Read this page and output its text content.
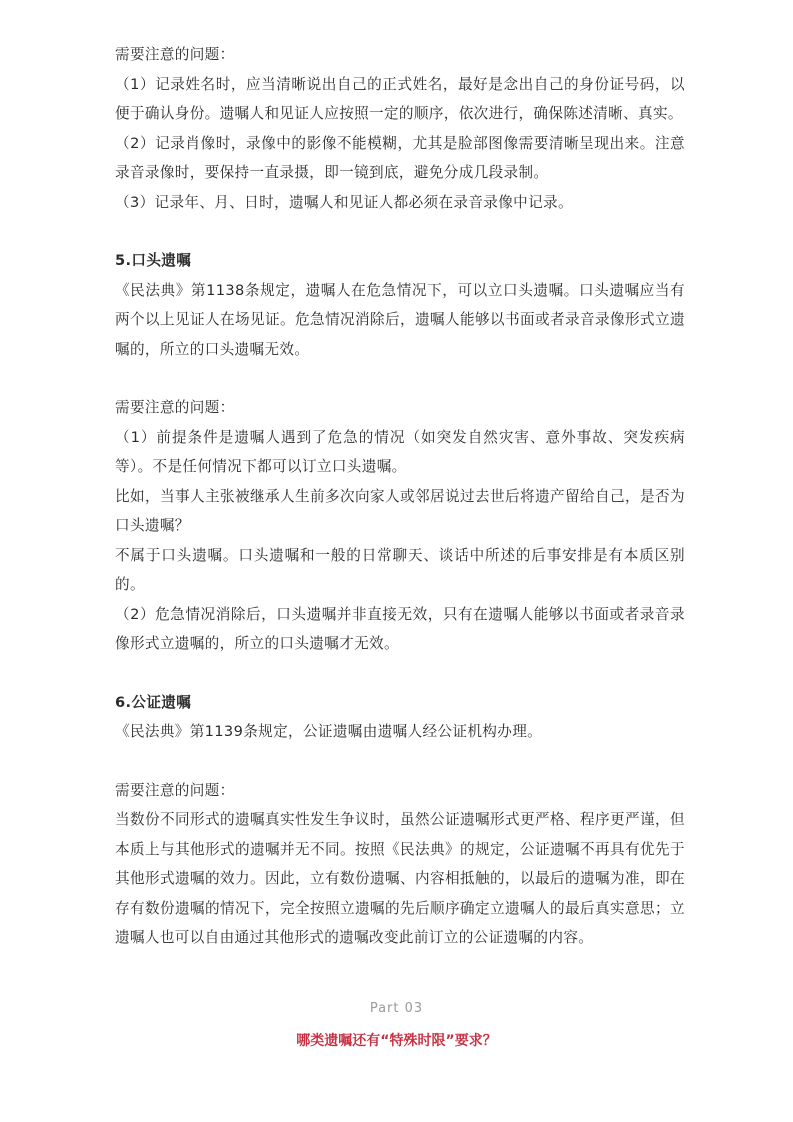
需要注意的问题：

（1）记录姓名时，应当清晰说出自己的正式姓名，最好是念出自己的身份证号码，以便于确认身份。遗嘱人和见证人应按照一定的顺序，依次进行，确保陈述清晰、真实。

（2）记录肖像时，录像中的影像不能模糊，尤其是脸部图像需要清晰呈现出来。注意录音录像时，要保持一直录摄，即一镜到底，避免分成几段录制。

（3）记录年、月、日时，遗嘱人和见证人都必须在录音录像中记录。

5.口头遗嘱

《民法典》第1138条规定，遗嘱人在危急情况下，可以立口头遗嘱。口头遗嘱应当有两个以上见证人在场见证。危急情况消除后，遗嘱人能够以书面或者录音录像形式立遗嘱的，所立的口头遗嘱无效。

需要注意的问题：

（1）前提条件是遗嘱人遇到了危急的情况（如突发自然灾害、意外事故、突发疾病等）。不是任何情况下都可以订立口头遗嘱。

比如，当事人主张被继承人生前多次向家人或邻居说过去世后将遗产留给自己，是否为口头遗嘱？

不属于口头遗嘱。口头遗嘱和一般的日常聊天、谈话中所述的后事安排是有本质区别的。

（2）危急情况消除后，口头遗嘱并非直接无效，只有在遗嘱人能够以书面或者录音录像形式立遗嘱的，所立的口头遗嘱才无效。

6.公证遗嘱

《民法典》第1139条规定，公证遗嘱由遗嘱人经公证机构办理。

需要注意的问题：

当数份不同形式的遗嘱真实性发生争议时，虽然公证遗嘱形式更严格、程序更严谨，但本质上与其他形式的遗嘱并无不同。按照《民法典》的规定，公证遗嘱不再具有优先于其他形式遗嘱的效力。因此，立有数份遗嘱、内容相抵触的，以最后的遗嘱为准，即在存有数份遗嘱的情况下，完全按照立遗嘱的先后顺序确定立遗嘱人的最后真实意思；立遗嘱人也可以自由通过其他形式的遗嘱改变此前订立的公证遗嘱的内容。

Part 03
哪类遗嘱还有“特殊时限”要求？
